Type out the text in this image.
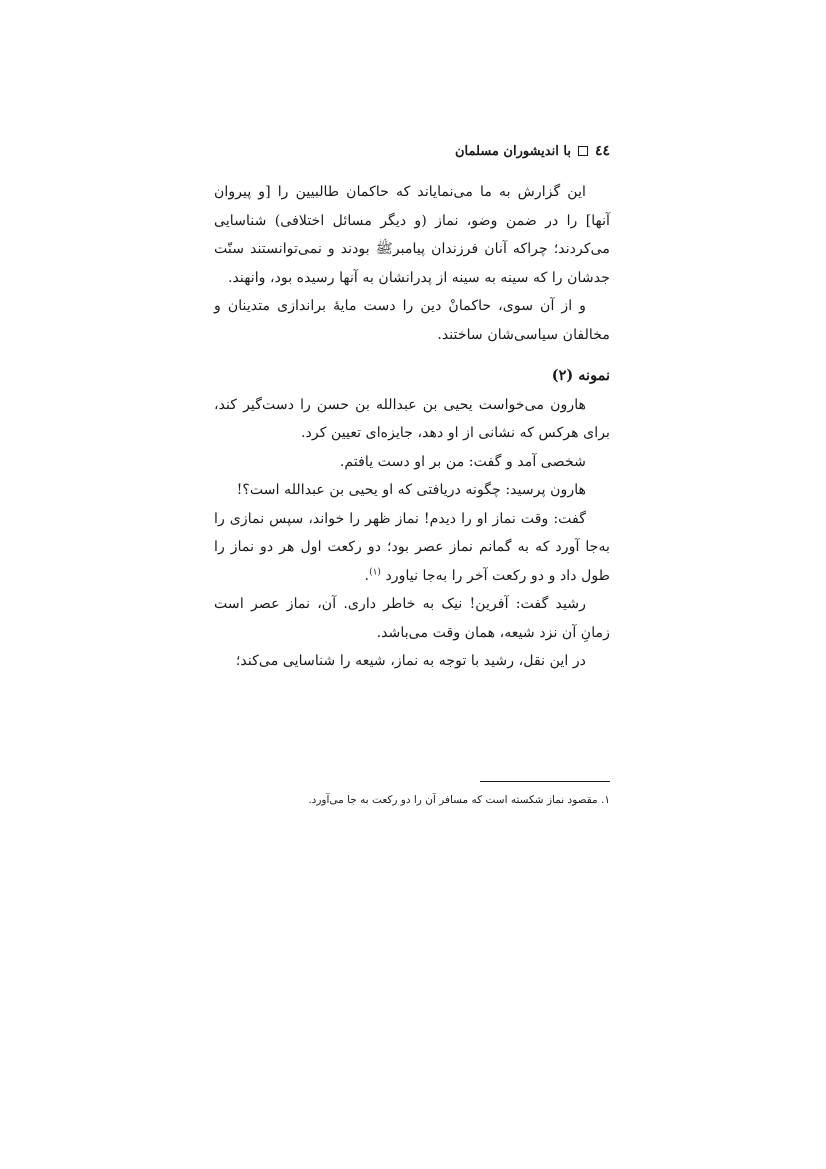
٤٤
با اندیشوران مسلمان

این گزارش به ما می‌نمایاند که حاکمان طالبیین را [و پیروان آنها] را در ضمن وضو، نماز (و دیگر مسائل اختلافی) شناسایی می‌کردند؛ چراکه آنان فرزندان پیامبرﷺ بودند و نمی‌توانستند سنّت جدشان را که سینه به سینه از پدرانشان به آنها رسیده بود، وانهند.

و از آن سوی، حاکمانْ دین را دست مایهٔ براندازی متدینان و مخالفان سیاسی‌شان ساختند.

نمونه (۲)

هارون می‌خواست یحیی بن عبدالله بن حسن را دست‌گیر کند، برای هرکس که نشانی از او دهد، جایزه‌ای تعیین کرد.

شخصی آمد و گفت: من بر او دست یافتم.

هارون پرسید: چگونه دریافتی که او یحیی بن عبدالله است؟!

گفت: وقت نماز او را دیدم! نماز ظهر را خواند، سپس نمازی را به‌جا آورد که به گمانم نماز عصر بود؛ دو رکعت اول هر دو نماز را طول داد و دو رکعت آخر را به‌جا نیاورد $^{(۱)}$.

رشید گفت: آفرین! نیک به خاطر داری. آن، نماز عصر است زمانِ آن نزد شیعه، همان وقت می‌باشد.

در این نقل، رشید با توجه به نماز، شیعه را شناسایی می‌کند؛

۱. مقصود نماز شکسته است که مسافر آن را دو رکعت به جا می‌آورد.
